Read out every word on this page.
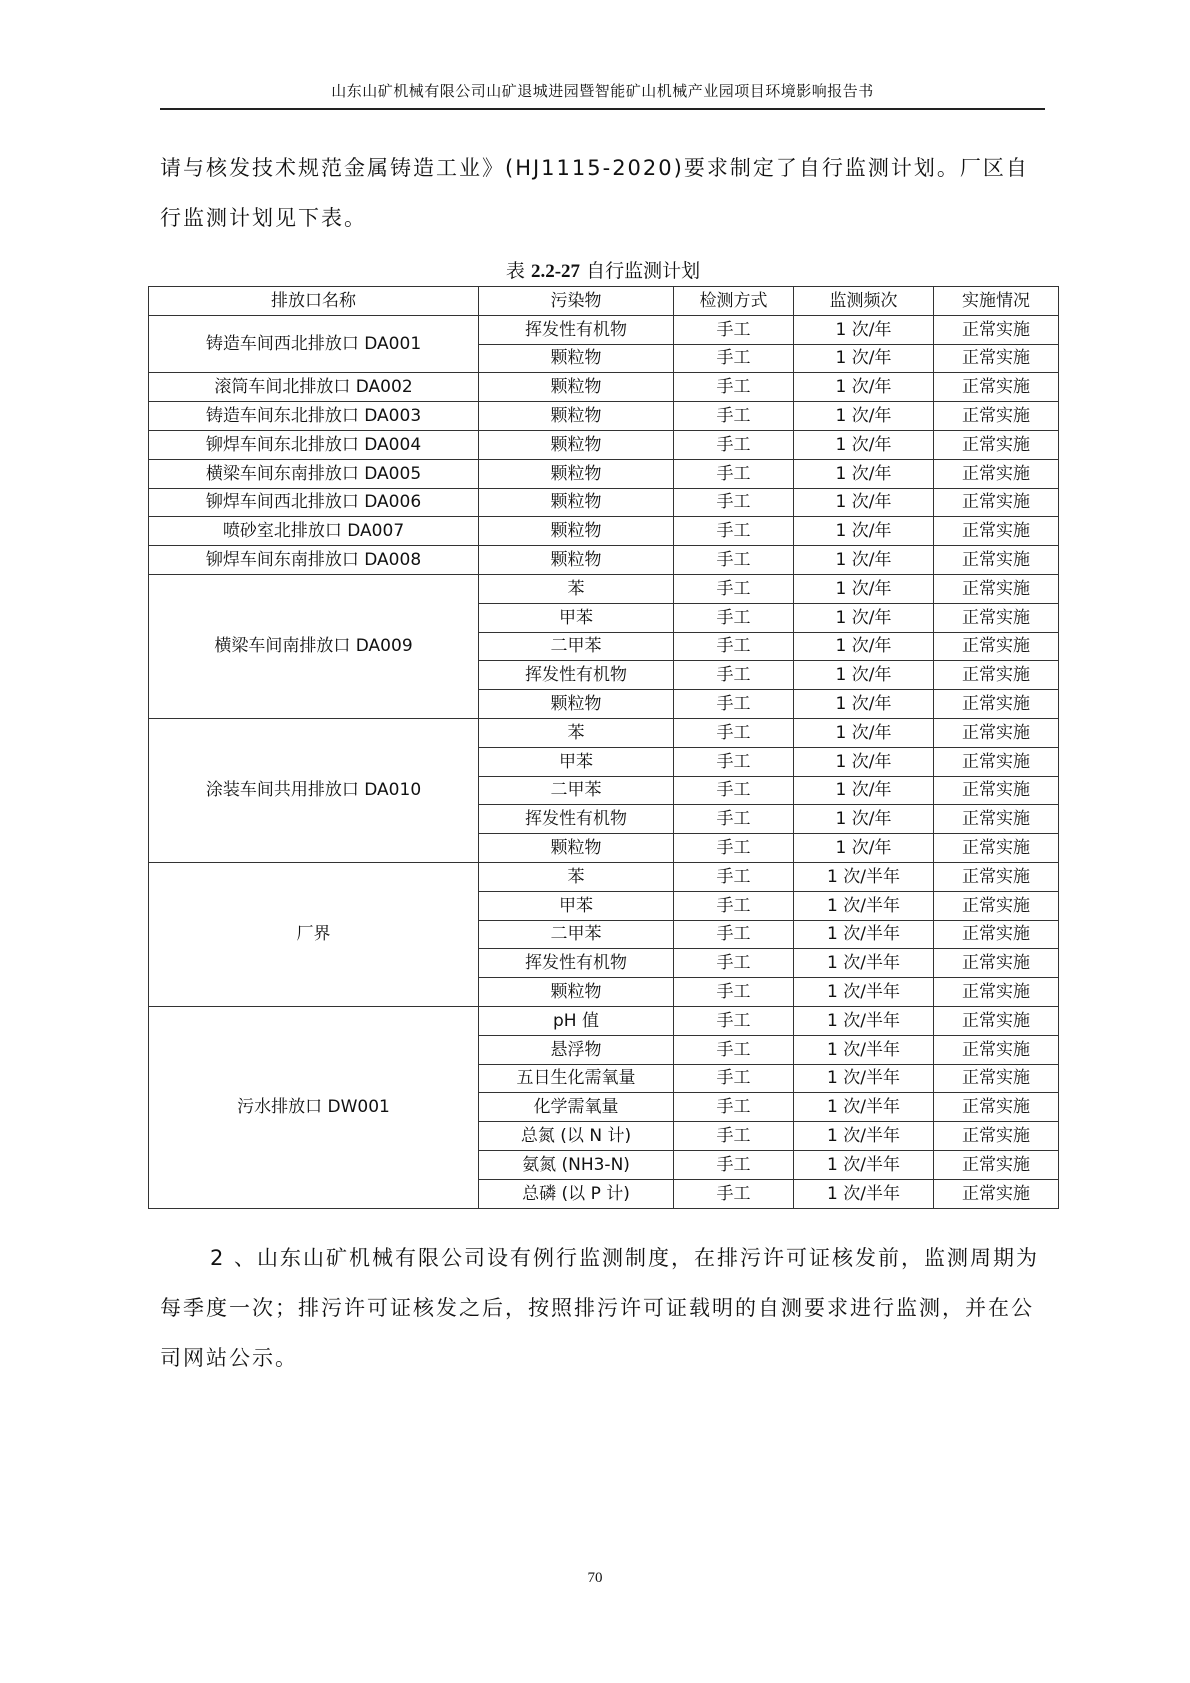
山东山矿机械有限公司山矿退城进园暨智能矿山机械产业园项目环境影响报告书

请与核发技术规范金属铸造工业》(HJ1115-2020)要求制定了自行监测计划。厂区自行监测计划见下表。

表 2.2-27 自行监测计划
排放口名称	污染物	检测方式	监测频次	实施情况
铸造车间西北排放口 DA001	挥发性有机物	手工	1 次/年	正常实施
	颗粒物	手工	1 次/年	正常实施
滚筒车间北排放口 DA002	颗粒物	手工	1 次/年	正常实施
铸造车间东北排放口 DA003	颗粒物	手工	1 次/年	正常实施
铆焊车间东北排放口 DA004	颗粒物	手工	1 次/年	正常实施
横梁车间东南排放口 DA005	颗粒物	手工	1 次/年	正常实施
铆焊车间西北排放口 DA006	颗粒物	手工	1 次/年	正常实施
喷砂室北排放口 DA007	颗粒物	手工	1 次/年	正常实施
铆焊车间东南排放口 DA008	颗粒物	手工	1 次/年	正常实施
横梁车间南排放口 DA009	苯	手工	1 次/年	正常实施
	甲苯	手工	1 次/年	正常实施
	二甲苯	手工	1 次/年	正常实施
	挥发性有机物	手工	1 次/年	正常实施
	颗粒物	手工	1 次/年	正常实施
涂装车间共用排放口 DA010	苯	手工	1 次/年	正常实施
	甲苯	手工	1 次/年	正常实施
	二甲苯	手工	1 次/年	正常实施
	挥发性有机物	手工	1 次/年	正常实施
	颗粒物	手工	1 次/年	正常实施
厂界	苯	手工	1 次/半年	正常实施
	甲苯	手工	1 次/半年	正常实施
	二甲苯	手工	1 次/半年	正常实施
	挥发性有机物	手工	1 次/半年	正常实施
	颗粒物	手工	1 次/半年	正常实施
污水排放口 DW001	pH 值	手工	1 次/半年	正常实施
	悬浮物	手工	1 次/半年	正常实施
	五日生化需氧量	手工	1 次/半年	正常实施
	化学需氧量	手工	1 次/半年	正常实施
	总氮 (以 N 计)	手工	1 次/半年	正常实施
	氨氮 (NH3-N)	手工	1 次/半年	正常实施
	总磷 (以 P 计)	手工	1 次/半年	正常实施

2 、山东山矿机械有限公司设有例行监测制度，在排污许可证核发前，监测周期为每季度一次；排污许可证核发之后，按照排污许可证载明的自测要求进行监测，并在公司网站公示。

70
